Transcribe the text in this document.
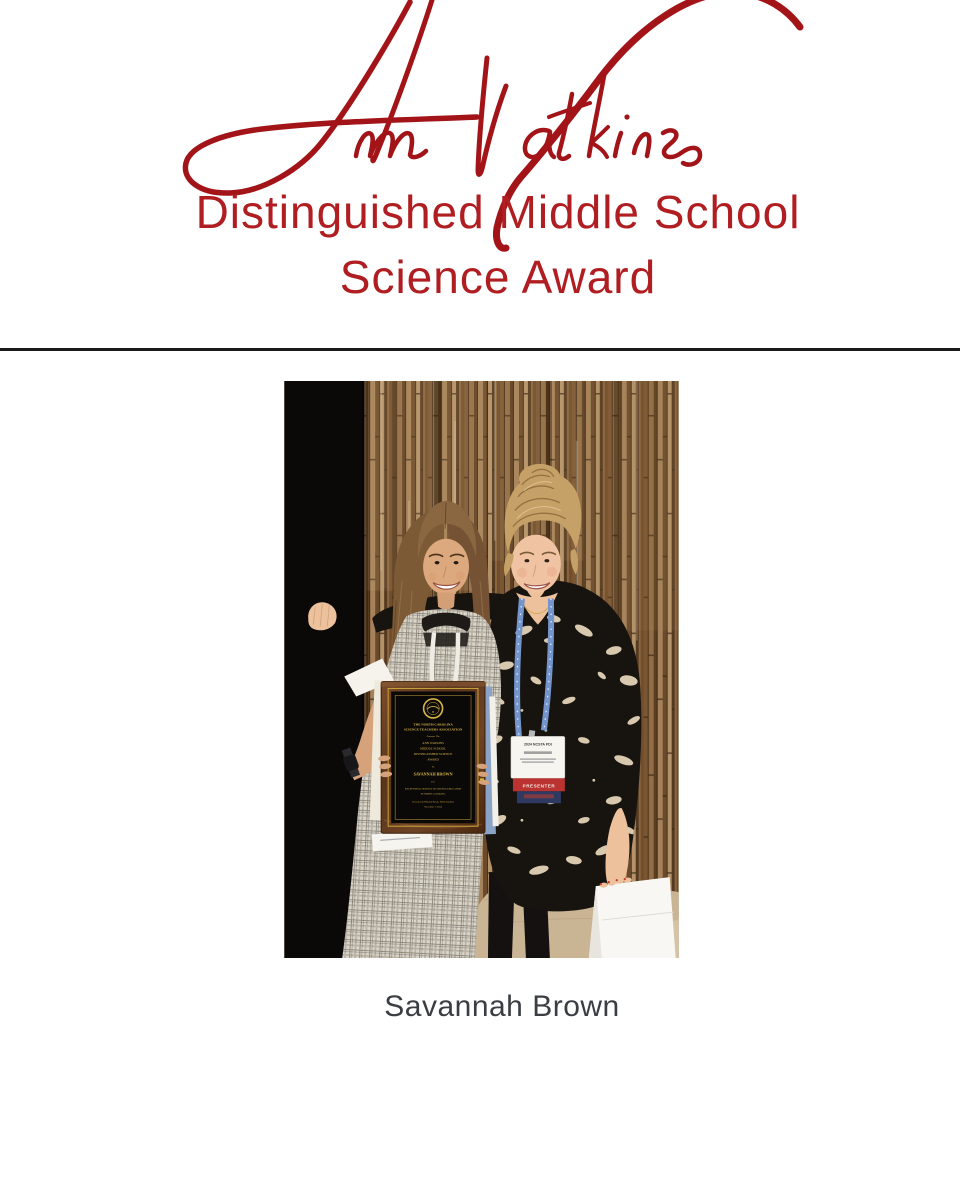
Distinguished Middle School
Science Award
2024 NCSTA PDI
PRESENTER
THE NORTH CAROLINA
SCIENCE TEACHERS ASSOCIATION
Presents The
ANN WATKINS
MIDDLE SCHOOL
DISTINGUISHED SCIENCE
AWARD
To
SAVANNAH BROWN
For
EXCEPTIONAL SERVICE TO SCIENCE EDUCATION
IN NORTH CAROLINA
Presented in Winston-Salem, North Carolina
November 7, 2024
Savannah Brown
